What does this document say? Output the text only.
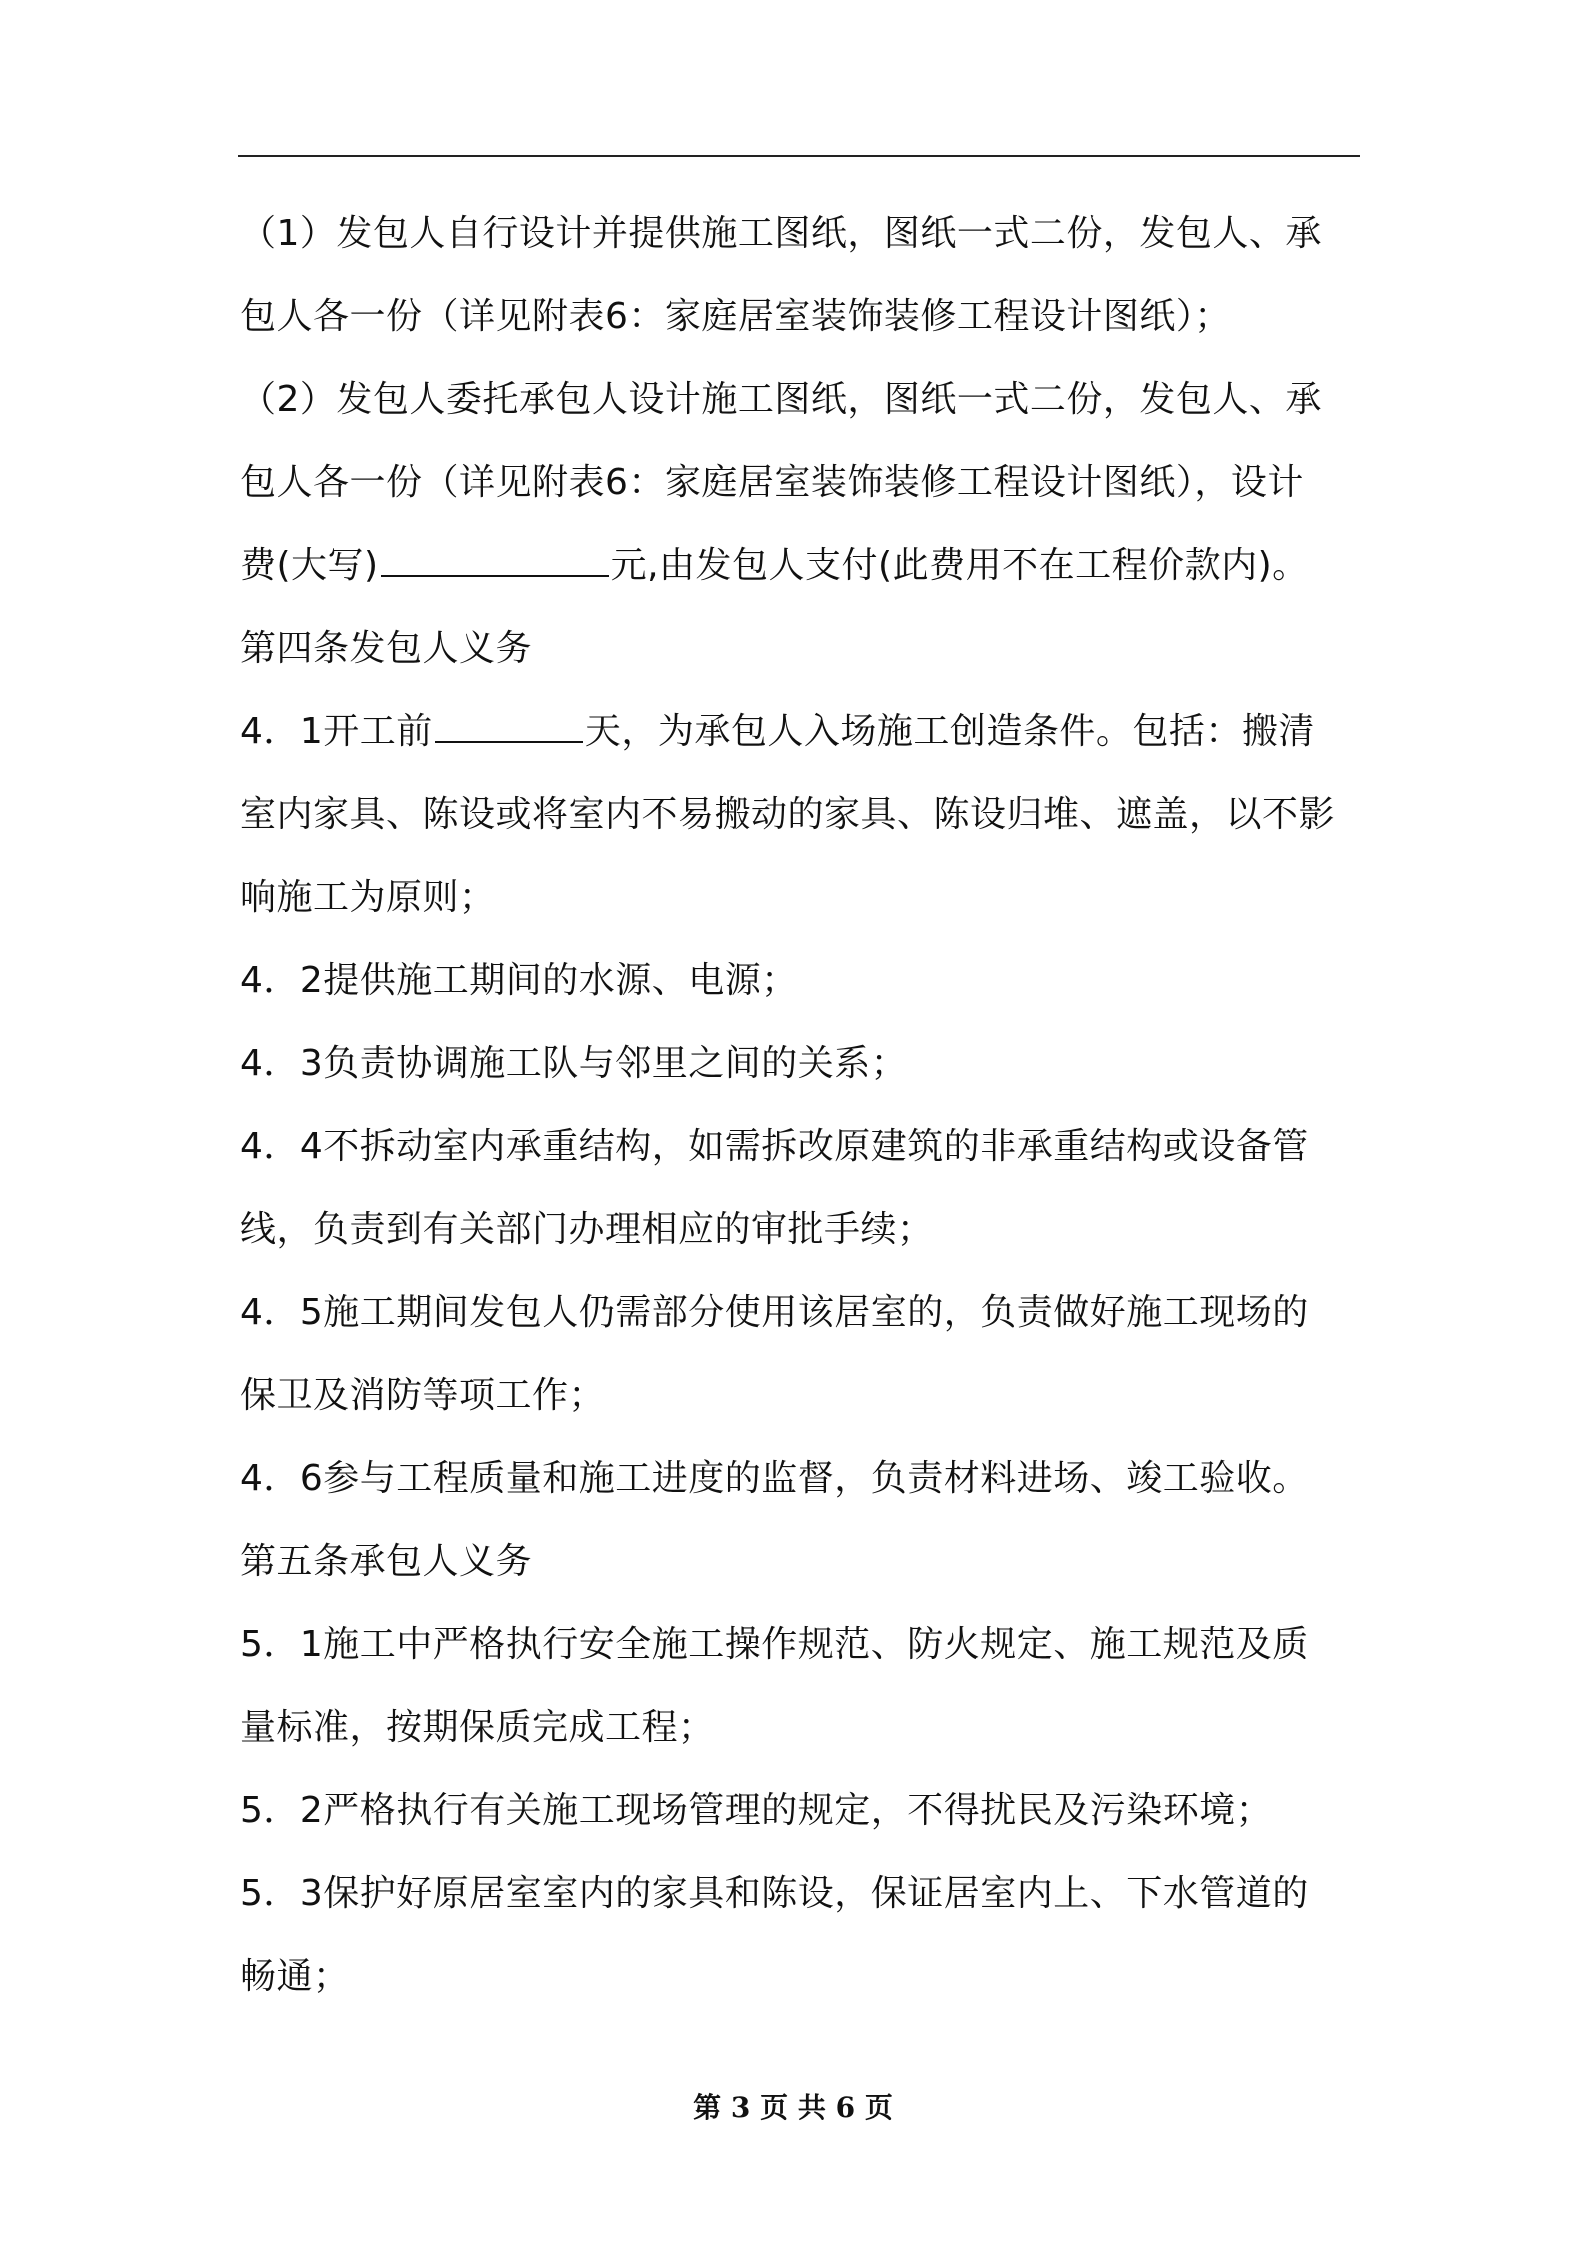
（1）发包人自行设计并提供施工图纸，图纸一式二份，发包人、承
包人各一份（详见附表6：家庭居室装饰装修工程设计图纸）；
（2）发包人委托承包人设计施工图纸，图纸一式二份，发包人、承
包人各一份（详见附表6：家庭居室装饰装修工程设计图纸），设计
费(大写)	元,由发包人支付(此费用不在工程价款内)。
第四条发包人义务
4．1开工前	天，为承包人入场施工创造条件。包括：搬清
室内家具、陈设或将室内不易搬动的家具、陈设归堆、遮盖，以不影
响施工为原则；
4．2提供施工期间的水源、电源；
4．3负责协调施工队与邻里之间的关系；
4．4不拆动室内承重结构，如需拆改原建筑的非承重结构或设备管
线，负责到有关部门办理相应的审批手续；
4．5施工期间发包人仍需部分使用该居室的，负责做好施工现场的
保卫及消防等项工作；
4．6参与工程质量和施工进度的监督，负责材料进场、竣工验收。
第五条承包人义务
5．1施工中严格执行安全施工操作规范、防火规定、施工规范及质
量标准，按期保质完成工程；
5．2严格执行有关施工现场管理的规定，不得扰民及污染环境；
5．3保护好原居室室内的家具和陈设，保证居室内上、下水管道的
畅通；
第 3 页 共 6 页
